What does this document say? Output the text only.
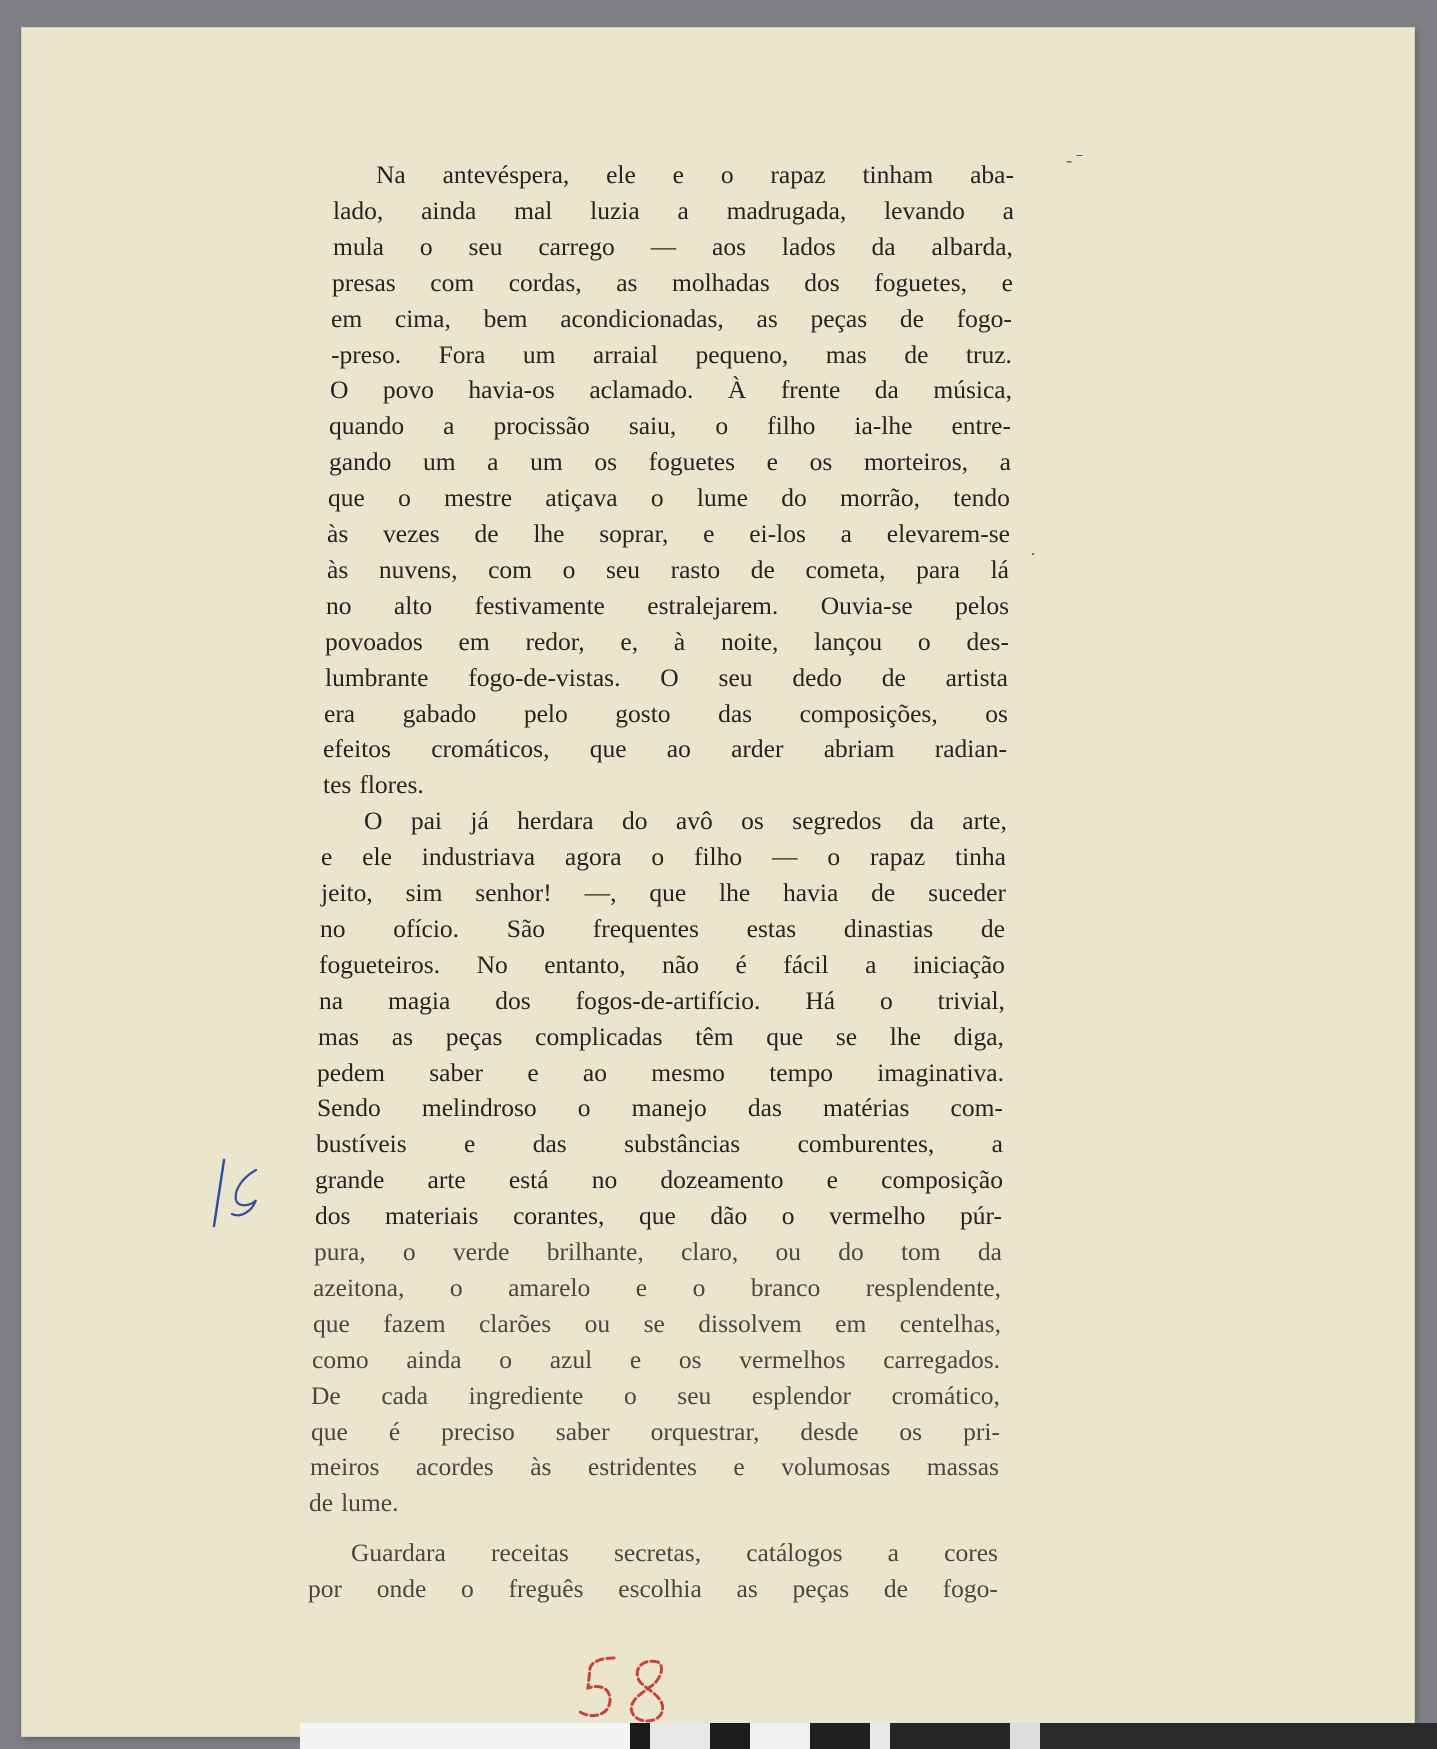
Na antevéspera, ele e o rapaz tinham aba-
lado, ainda mal luzia a madrugada, levando a
mula o seu carrego — aos lados da albarda,
presas com cordas, as molhadas dos foguetes, e
em cima, bem acondicionadas, as peças de fogo-
-preso. Fora um arraial pequeno, mas de truz.
O povo havia-os aclamado. À frente da música,
quando a procissão saiu, o filho ia-lhe entre-
gando um a um os foguetes e os morteiros, a
que o mestre atiçava o lume do morrão, tendo
às vezes de lhe soprar, e ei-los a elevarem-se
às nuvens, com o seu rasto de cometa, para lá
no alto festivamente estralejarem. Ouvia-se pelos
povoados em redor, e, à noite, lançou o des-
lumbrante fogo-de-vistas. O seu dedo de artista
era gabado pelo gosto das composições, os
efeitos cromáticos, que ao arder abriam radian-
tes flores.
O pai já herdara do avô os segredos da arte,
e ele industriava agora o filho — o rapaz tinha
jeito, sim senhor! —, que lhe havia de suceder
no ofício. São frequentes estas dinastias de
fogueteiros. No entanto, não é fácil a iniciação
na magia dos fogos-de-artifício. Há o trivial,
mas as peças complicadas têm que se lhe diga,
pedem saber e ao mesmo tempo imaginativa.
Sendo melindroso o manejo das matérias com-
bustíveis e das substâncias comburentes, a
grande arte está no dozeamento e composição
dos materiais corantes, que dão o vermelho púr-
pura, o verde brilhante, claro, ou do tom da
azeitona, o amarelo e o branco resplendente,
que fazem clarões ou se dissolvem em centelhas,
como ainda o azul e os vermelhos carregados.
De cada ingrediente o seu esplendor cromático,
que é preciso saber orquestrar, desde os pri-
meiros acordes às estridentes e volumosas massas
de lume.
Guardara receitas secretas, catálogos a cores
por onde o freguês escolhia as peças de fogo-
- ˉ
·
